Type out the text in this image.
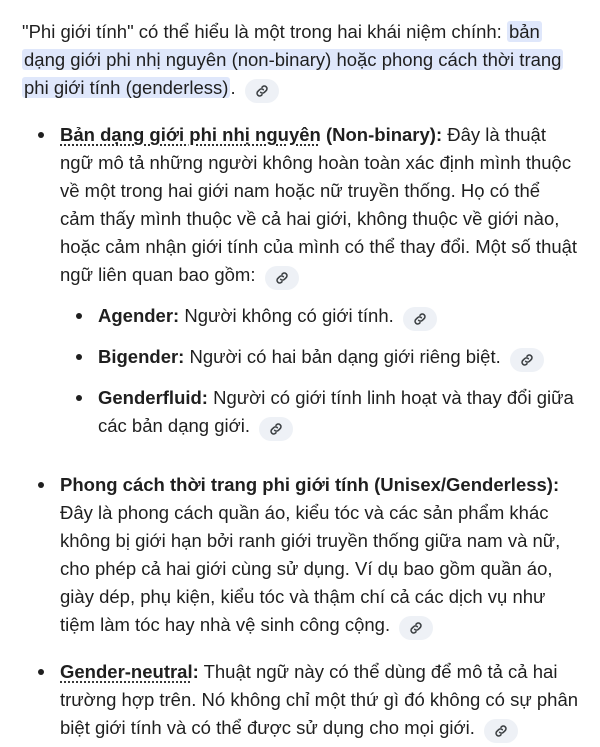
"Phi giới tính" có thể hiểu là một trong hai khái niệm chính: bản dạng giới phi nhị nguyên (non-binary) hoặc phong cách thời trang phi giới tính (genderless) .

Bản dạng giới phi nhị nguyên (Non-binary): Đây là thuật ngữ mô tả những người không hoàn toàn xác định mình thuộc về một trong hai giới nam hoặc nữ truyền thống. Họ có thể cảm thấy mình thuộc về cả hai giới, không thuộc về giới nào, hoặc cảm nhận giới tính của mình có thể thay đổi. Một số thuật ngữ liên quan bao gồm:
Agender: Người không có giới tính.
Bigender: Người có hai bản dạng giới riêng biệt.
Genderfluid: Người có giới tính linh hoạt và thay đổi giữa các bản dạng giới.
Phong cách thời trang phi giới tính (Unisex/Genderless): Đây là phong cách quần áo, kiểu tóc và các sản phẩm khác không bị giới hạn bởi ranh giới truyền thống giữa nam và nữ, cho phép cả hai giới cùng sử dụng. Ví dụ bao gồm quần áo, giày dép, phụ kiện, kiểu tóc và thậm chí cả các dịch vụ như tiệm làm tóc hay nhà vệ sinh công cộng.
Gender-neutral: Thuật ngữ này có thể dùng để mô tả cả hai trường hợp trên. Nó không chỉ một thứ gì đó không có sự phân biệt giới tính và có thể được sử dụng cho mọi giới.
